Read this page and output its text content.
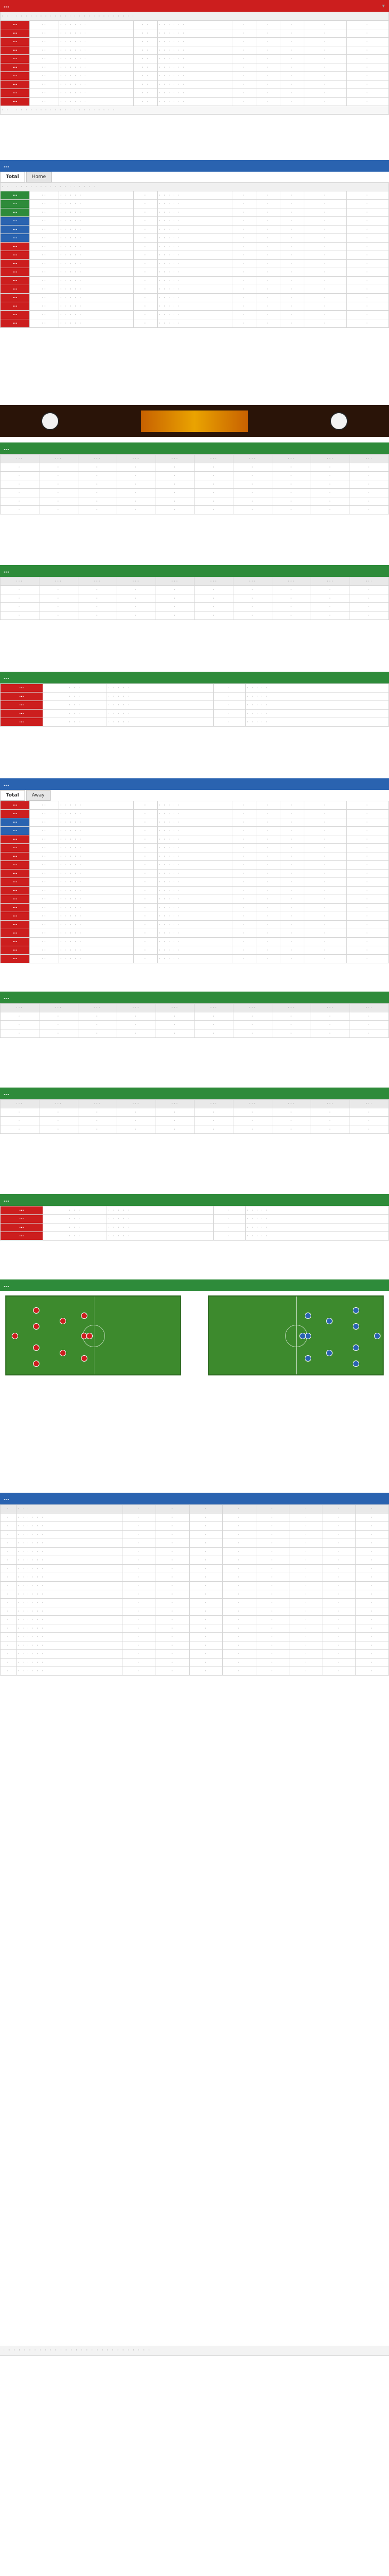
...	▾
· · · · · · · · · · · · · · · · · · · · · · · · · · · ·									
···	··	· · · · · ·	· ·	· · · · · ·	·	·	·	·	·
···	··	· · · · · ·	· ·	· · · · · ·	·	·	·	·	·
···	··	· · · · · ·	· ·	· · · · · ·	·	·	·	·	·
···	··	· · · · · ·	· ·	· · · · · ·	·	·	·	·	·
···	··	· · · · · ·	· ·	· · · · · ·	·	·	·	·	·
···	··	· · · · · ·	· ·	· · · · · ·	·	·	·	·	·
···	··	· · · · · ·	· ·	· · · · · ·	·	·	·	·	·
···	··	· · · · · ·	· ·	· · · · · ·	·	·	·	·	·
···	··	· · · · · ·	· ·	· · · · · ·	·	·	·	·	·
···	··	· · · · · ·	· ·	· · · · · ·	·	·	·	·	·
· · · · · · · · · · · · · · · · · · · · · · · ·									
...
Total	Home
· · · · · · · · · · · · · · · · · · · ·									
···	··	· · · · ·	·	· · · · ·	·	·	·	·	·
···	··	· · · · ·	·	· · · · ·	·	·	·	·	·
···	··	· · · · ·	·	· · · · ·	·	·	·	·	·
···	··	· · · · ·	·	· · · · ·	·	·	·	·	·
···	··	· · · · ·	·	· · · · ·	·	·	·	·	·
···	··	· · · · ·	·	· · · · ·	·	·	·	·	·
···	··	· · · · ·	·	· · · · ·	·	·	·	·	·
···	··	· · · · ·	·	· · · · ·	·	·	·	·	·
···	··	· · · · ·	·	· · · · ·	·	·	·	·	·
···	··	· · · · ·	·	· · · · ·	·	·	·	·	·
···	··	· · · · ·	·	· · · · ·	·	·	·	·	·
···	··	· · · · ·	·	· · · · ·	·	·	·	·	·
···	··	· · · · ·	·	· · · · ·	·	·	·	·	·
···	··	· · · · ·	·	· · · · ·	·	·	·	·	·
···	··	· · · · ·	·	· · · · ·	·	·	·	·	·
···	··	· · · · ·	·	· · · · ·	·	·	·	·	·
...
···	···	···	···	···	···	···	···	···	···
·	·	·	·	·	·	·	·	·	·
·	·	·	·	·	·	·	·	·	·
·	·	·	·	·	·	·	·	·	·
·	·	·	·	·	·	·	·	·	·
·	·	·	·	·	·	·	·	·	·
·	·	·	·	·	·	·	·	·	·
...
···	···	···	···	···	···	···	···	···	···
·	·	·	·	·	·	·	·	·	·
·	·	·	·	·	·	·	·	·	·
·	·	·	·	·	·	·	·	·	·
·	·	·	·	·	·	·	·	·	·
...
···	· · ·	· · · · ·	·	· · · · ·
···	· · ·	· · · · ·	·	· · · · ·
···	· · ·	· · · · ·	·	· · · · ·
···	· · ·	· · · · ·	·	· · · · ·
···	· · ·	· · · · ·	·	· · · · ·
...
Total	Away
···	··	· · · · ·	·	· · · · ·	·	·	·	·	·
···	··	· · · · ·	·	· · · · ·	·	·	·	·	·
···	··	· · · · ·	·	· · · · ·	·	·	·	·	·
···	··	· · · · ·	·	· · · · ·	·	·	·	·	·
···	··	· · · · ·	·	· · · · ·	·	·	·	·	·
···	··	· · · · ·	·	· · · · ·	·	·	·	·	·
···	··	· · · · ·	·	· · · · ·	·	·	·	·	·
···	··	· · · · ·	·	· · · · ·	·	·	·	·	·
···	··	· · · · ·	·	· · · · ·	·	·	·	·	·
···	··	· · · · ·	·	· · · · ·	·	·	·	·	·
···	··	· · · · ·	·	· · · · ·	·	·	·	·	·
···	··	· · · · ·	·	· · · · ·	·	·	·	·	·
···	··	· · · · ·	·	· · · · ·	·	·	·	·	·
···	··	· · · · ·	·	· · · · ·	·	·	·	·	·
···	··	· · · · ·	·	· · · · ·	·	·	·	·	·
···	··	· · · · ·	·	· · · · ·	·	·	·	·	·
···	··	· · · · ·	·	· · · · ·	·	·	·	·	·
···	··	· · · · ·	·	· · · · ·	·	·	·	·	·
···	··	· · · · ·	·	· · · · ·	·	·	·	·	·
...
···	···	···	···	···	···	···	···	···	···
·	·	·	·	·	·	·	·	·	·
·	·	·	·	·	·	·	·	·	·
·	·	·	·	·	·	·	·	·	·
...
···	···	···	···	···	···	···	···	···	···
·	·	·	·	·	·	·	·	·	·
·	·	·	·	·	·	·	·	·	·
·	·	·	·	·	·	·	·	·	·
...
···	· · ·	· · · · ·	·	· · · · ·
···	· · ·	· · · · ·	·	· · · · ·
···	· · ·	· · · · ·	·	· · · · ·
···	· · ·	· · · · ·	·	· · · · ·
...
...
·	· · ·	·	·	·	·	·	·	·	·
·	· · · · · ·	·	·	·	·	·	·	·	·
·	· · · · · ·	·	·	·	·	·	·	·	·
·	· · · · · ·	·	·	·	·	·	·	·	·
·	· · · · · ·	·	·	·	·	·	·	·	·
·	· · · · · ·	·	·	·	·	·	·	·	·
·	· · · · · ·	·	·	·	·	·	·	·	·
·	· · · · · ·	·	·	·	·	·	·	·	·
·	· · · · · ·	·	·	·	·	·	·	·	·
·	· · · · · ·	·	·	·	·	·	·	·	·
·	· · · · · ·	·	·	·	·	·	·	·	·
·	· · · · · ·	·	·	·	·	·	·	·	·
·	· · · · · ·	·	·	·	·	·	·	·	·
·	· · · · · ·	·	·	·	·	·	·	·	·
·	· · · · · ·	·	·	·	·	·	·	·	·
·	· · · · · ·	·	·	·	·	·	·	·	·
·	· · · · · ·	·	·	·	·	·	·	·	·
·	· · · · · ·	·	·	·	·	·	·	·	·
·	· · · · · ·	·	·	·	·	·	·	·	·
·	· · · · · ·	·	·	·	·	·	·	·	·
· · · · · · · · · · · · · · · · · · · · · · · · · · · · ·
